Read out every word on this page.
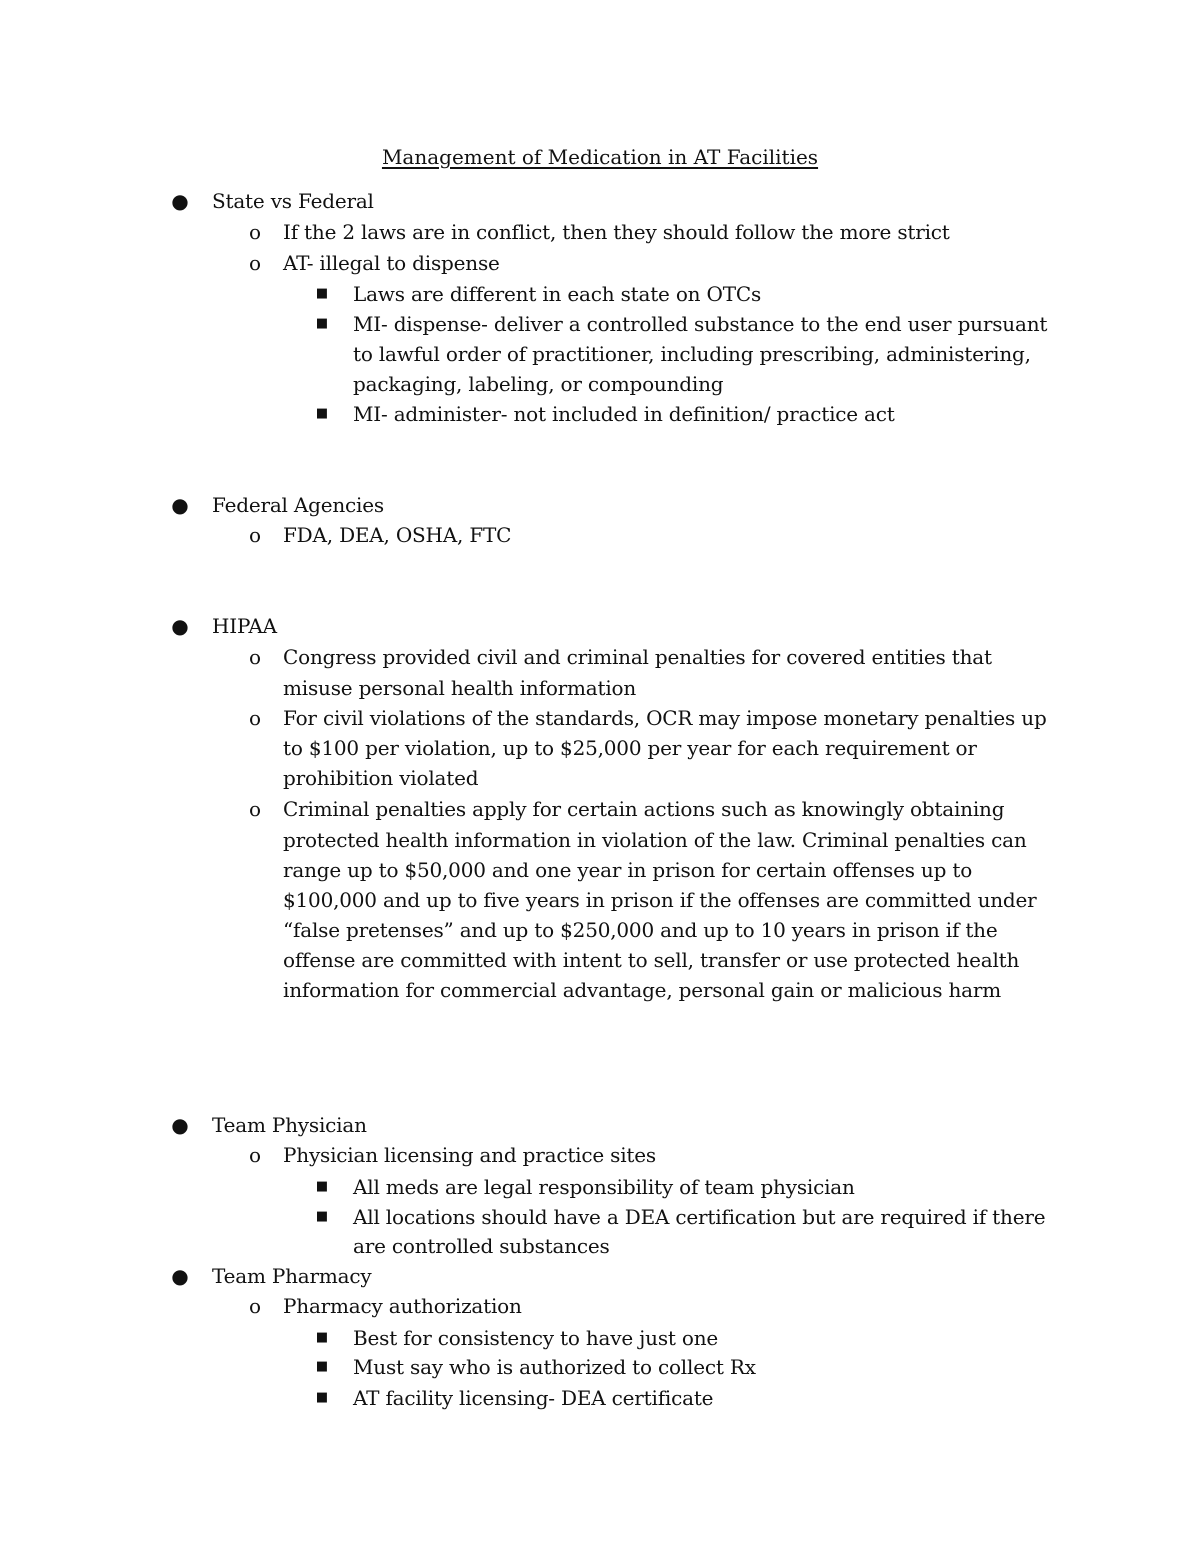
Management of Medication in AT Facilities
● State vs Federal
o If the 2 laws are in conflict, then they should follow the more strict
o AT- illegal to dispense
■ Laws are different in each state on OTCs
■ MI- dispense- deliver a controlled substance to the end user pursuant
to lawful order of practitioner, including prescribing, administering,
packaging, labeling, or compounding
■ MI- administer- not included in definition/ practice act
● Federal Agencies
o FDA, DEA, OSHA, FTC
● HIPAA
o Congress provided civil and criminal penalties for covered entities that
misuse personal health information
o For civil violations of the standards, OCR may impose monetary penalties up
to $100 per violation, up to $25,000 per year for each requirement or
prohibition violated
o Criminal penalties apply for certain actions such as knowingly obtaining
protected health information in violation of the law. Criminal penalties can
range up to $50,000 and one year in prison for certain offenses up to
$100,000 and up to five years in prison if the offenses are committed under
“false pretenses” and up to $250,000 and up to 10 years in prison if the
offense are committed with intent to sell, transfer or use protected health
information for commercial advantage, personal gain or malicious harm
● Team Physician
o Physician licensing and practice sites
■ All meds are legal responsibility of team physician
■ All locations should have a DEA certification but are required if there
are controlled substances
● Team Pharmacy
o Pharmacy authorization
■ Best for consistency to have just one
■ Must say who is authorized to collect Rx
■ AT facility licensing- DEA certificate
